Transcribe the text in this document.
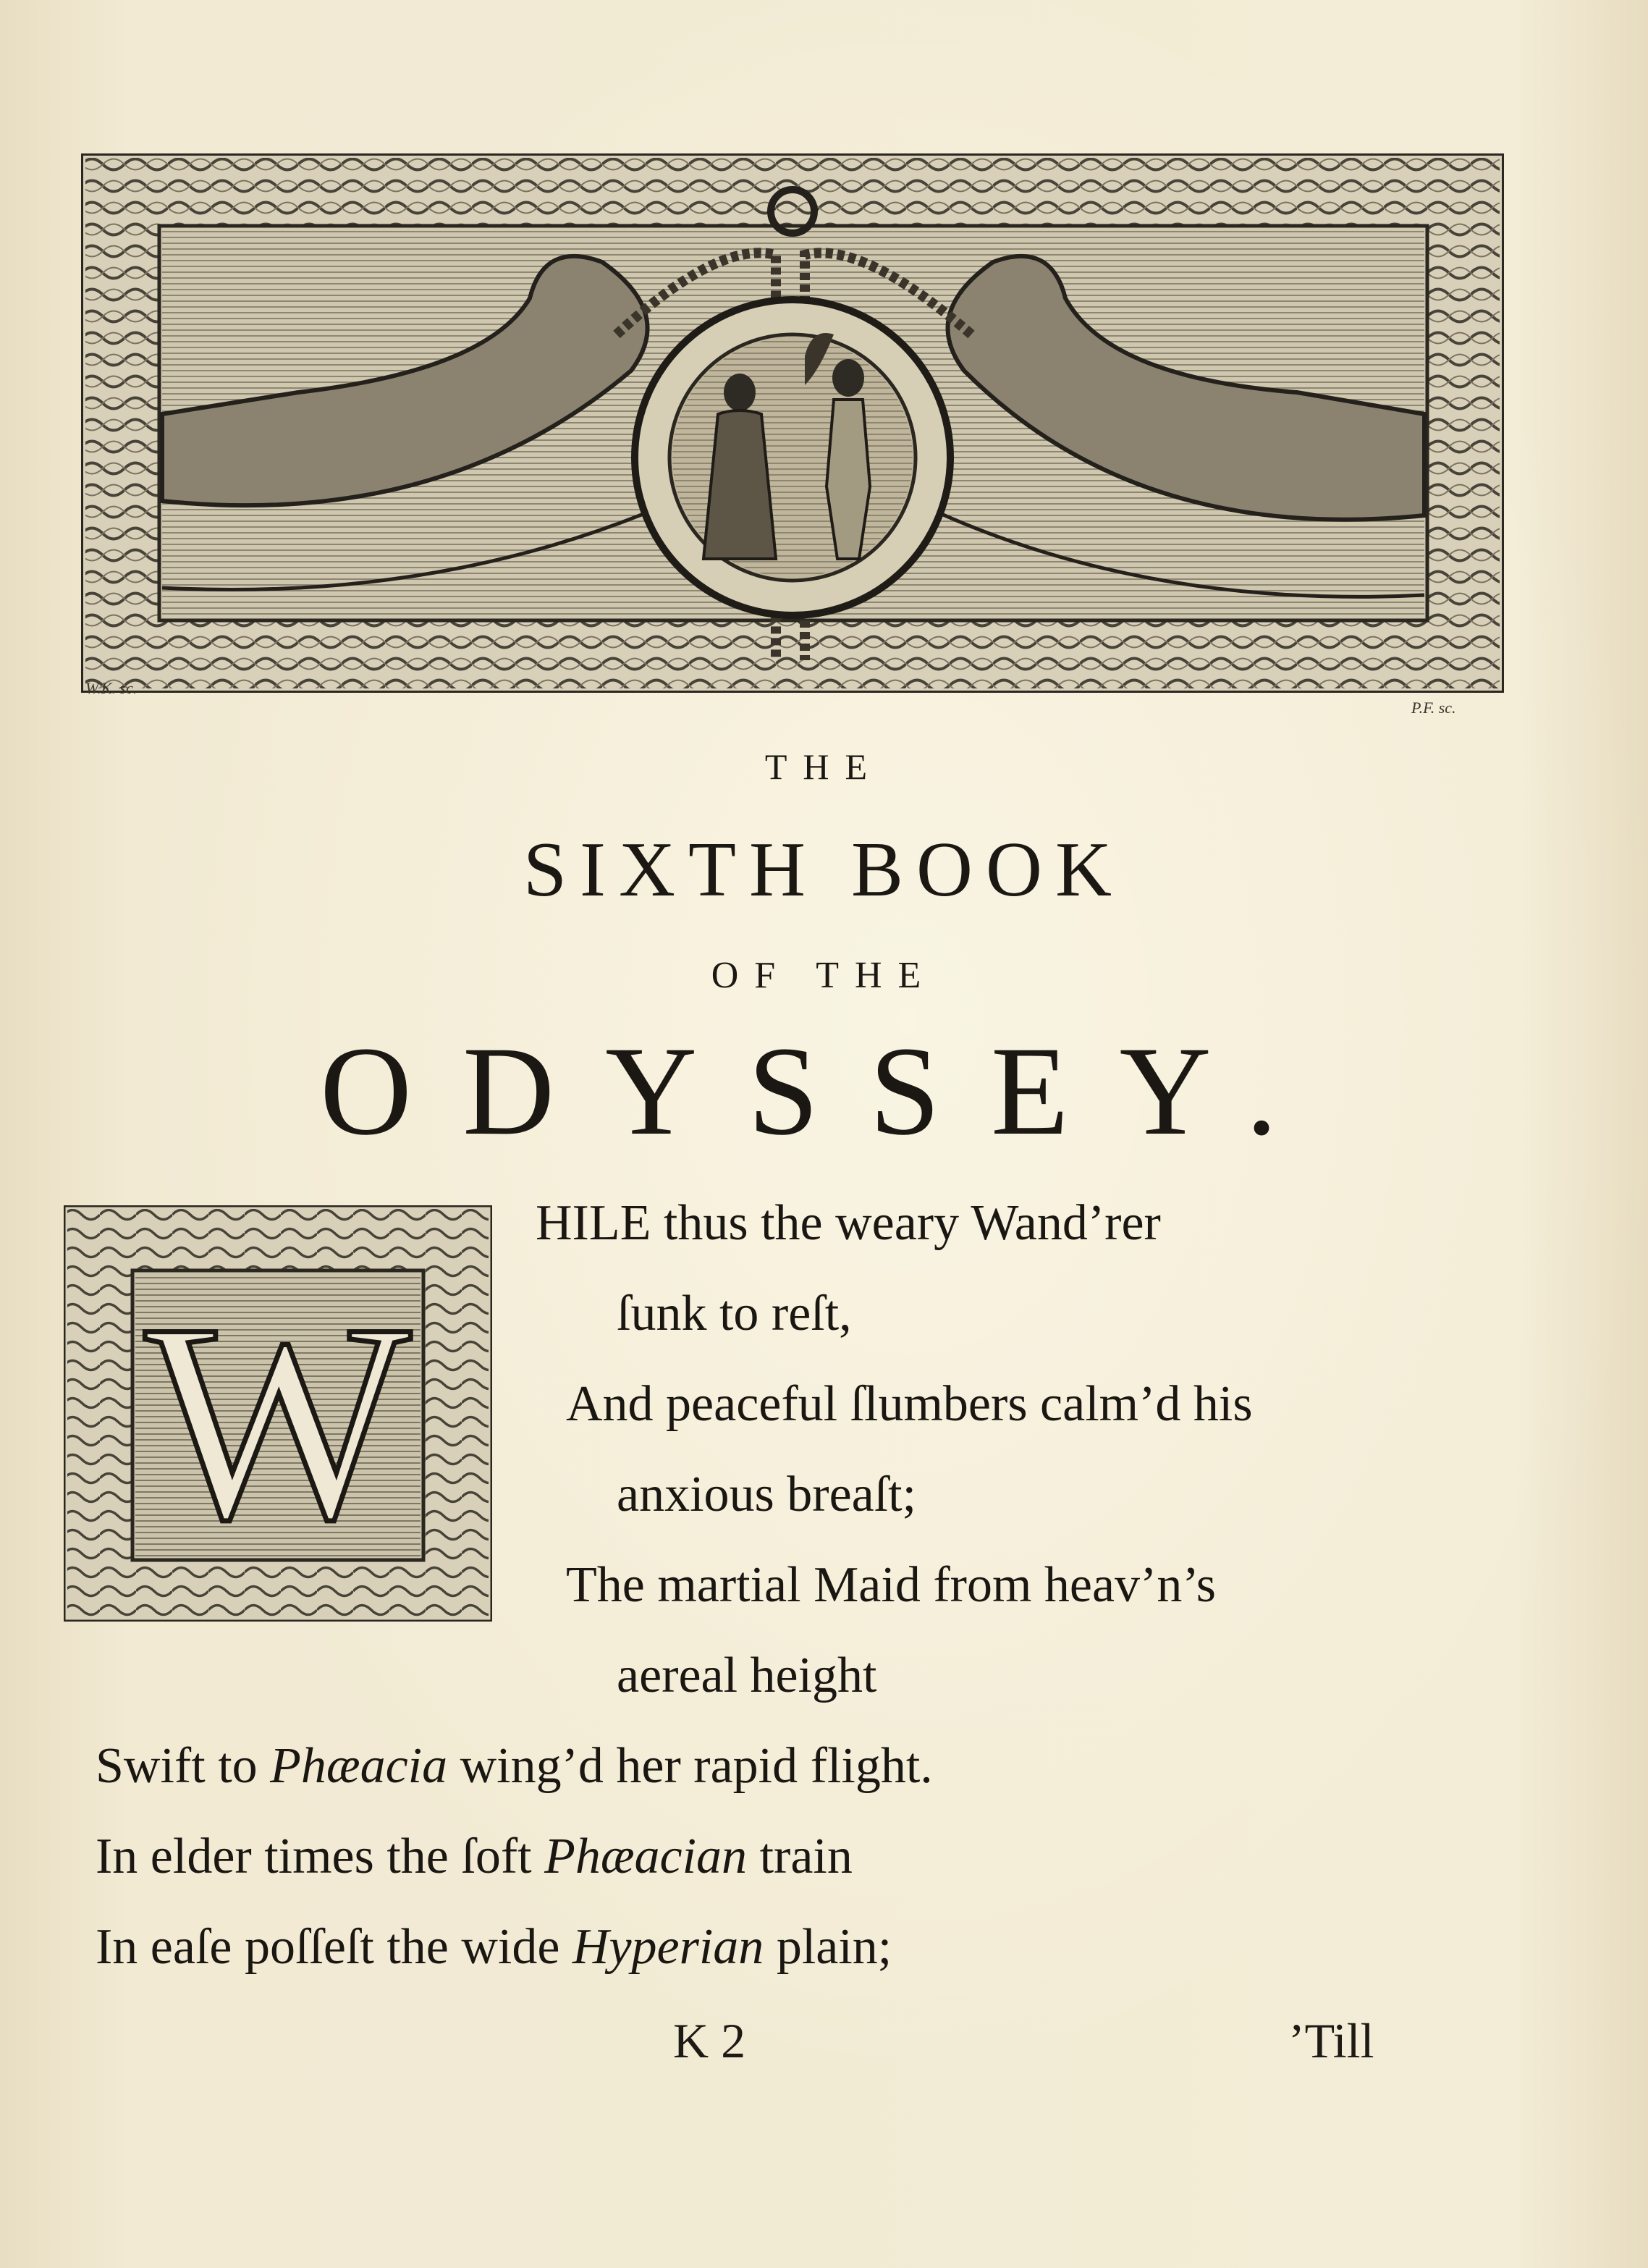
W.K. sc.
P.F. sc.
THE
SIXTH BOOK
OF THE
ODYSSEY.
W
HILE thus the weary Wand’rer
ſunk to reſt,
And peaceful ſlumbers calm’d his
anxious breaſt;
The martial Maid from heav’n’s
aereal height
Swift to Phæacia wing’d her rapid flight.
In elder times the ſoft Phæacian train
In eaſe poſſeſt the wide Hyperian plain;
K 2	’Till
